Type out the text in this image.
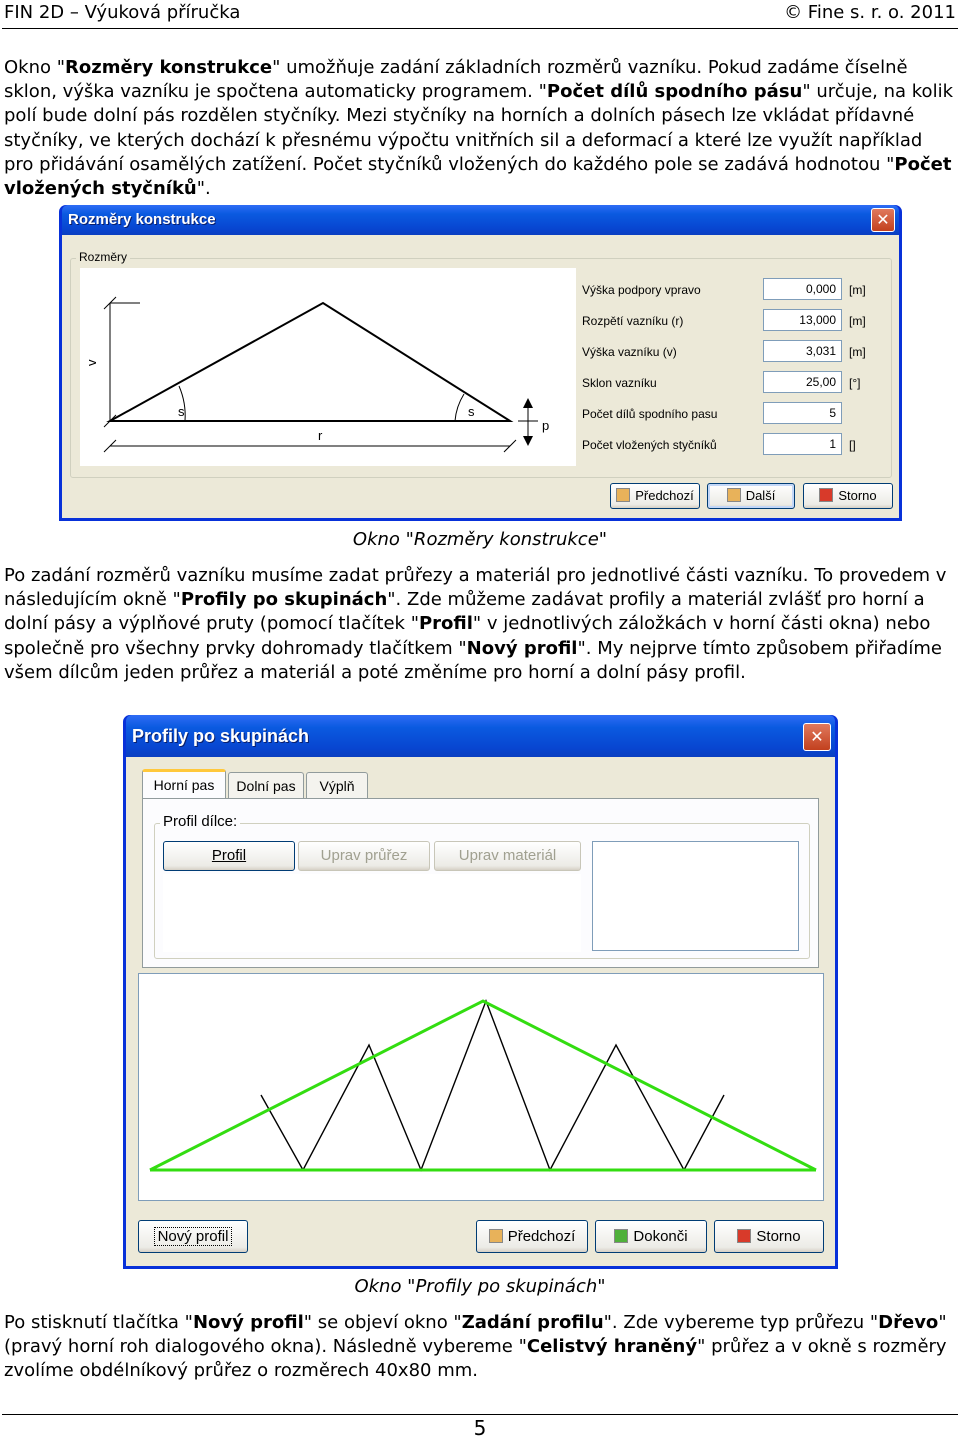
FIN 2D – Výuková příručka	© Fine s. r. o. 2011

Okno "Rozměry konstrukce" umožňuje zadání základních rozměrů vazníku. Pokud zadáme číselně sklon, výška vazníku je spočtena automaticky programem. "Počet dílů spodního pásu" určuje, na kolik polí bude dolní pás rozdělen styčníky. Mezi styčníky na horních a dolních pásech lze vkládat přídavné styčníky, ve kterých dochází k přesnému výpočtu vnitřních sil a deformací a které lze využít například pro přidávání osamělých zatížení. Počet styčníků vložených do každého pole se zadává hodnotou "Počet vložených styčníků".

Rozměry konstrukce	✕
Rozměry
v
s	s
r
p
Výška podpory vpravo	0,000	[m]
Rozpětí vazníku (r)	13,000	[m]
Výška vazníku (v)	3,031	[m]
Sklon vazníku	25,00	[°]
Počet dílů spodního pasu	5
Počet vložených styčníků	1	[]
Předchozí	Další	Storno
Okno "Rozměry konstrukce"

Po zadání rozměrů vazníku musíme zadat průřezy a materiál pro jednotlivé části vazníku. To provedem v následujícím okně "Profily po skupinách". Zde můžeme zadávat profily a materiál zvlášť pro horní a dolní pásy a výplňové pruty (pomocí tlačítek "Profil" v jednotlivých záložkách v horní části okna) nebo společně pro všechny prvky dohromady tlačítkem "Nový profil". My nejprve tímto způsobem přiřadíme všem dílcům jeden průřez a materiál a poté změníme pro horní a dolní pásy profil.

Profily po skupinách	✕
Horní pas	Dolní pas	Výplň
Profil dílce:
Profil	Uprav průřez	Uprav materiál
Nový profil	Předchozí	Dokonči	Storno
Okno "Profily po skupinách"

Po stisknutí tlačítka "Nový profil" se objeví okno "Zadání profilu". Zde vybereme typ průřezu "Dřevo" (pravý horní roh dialogového okna). Následně vybereme "Celistvý hraněný" průřez a v okně s rozměry zvolíme obdélníkový průřez o rozměrech 40x80 mm.

5
